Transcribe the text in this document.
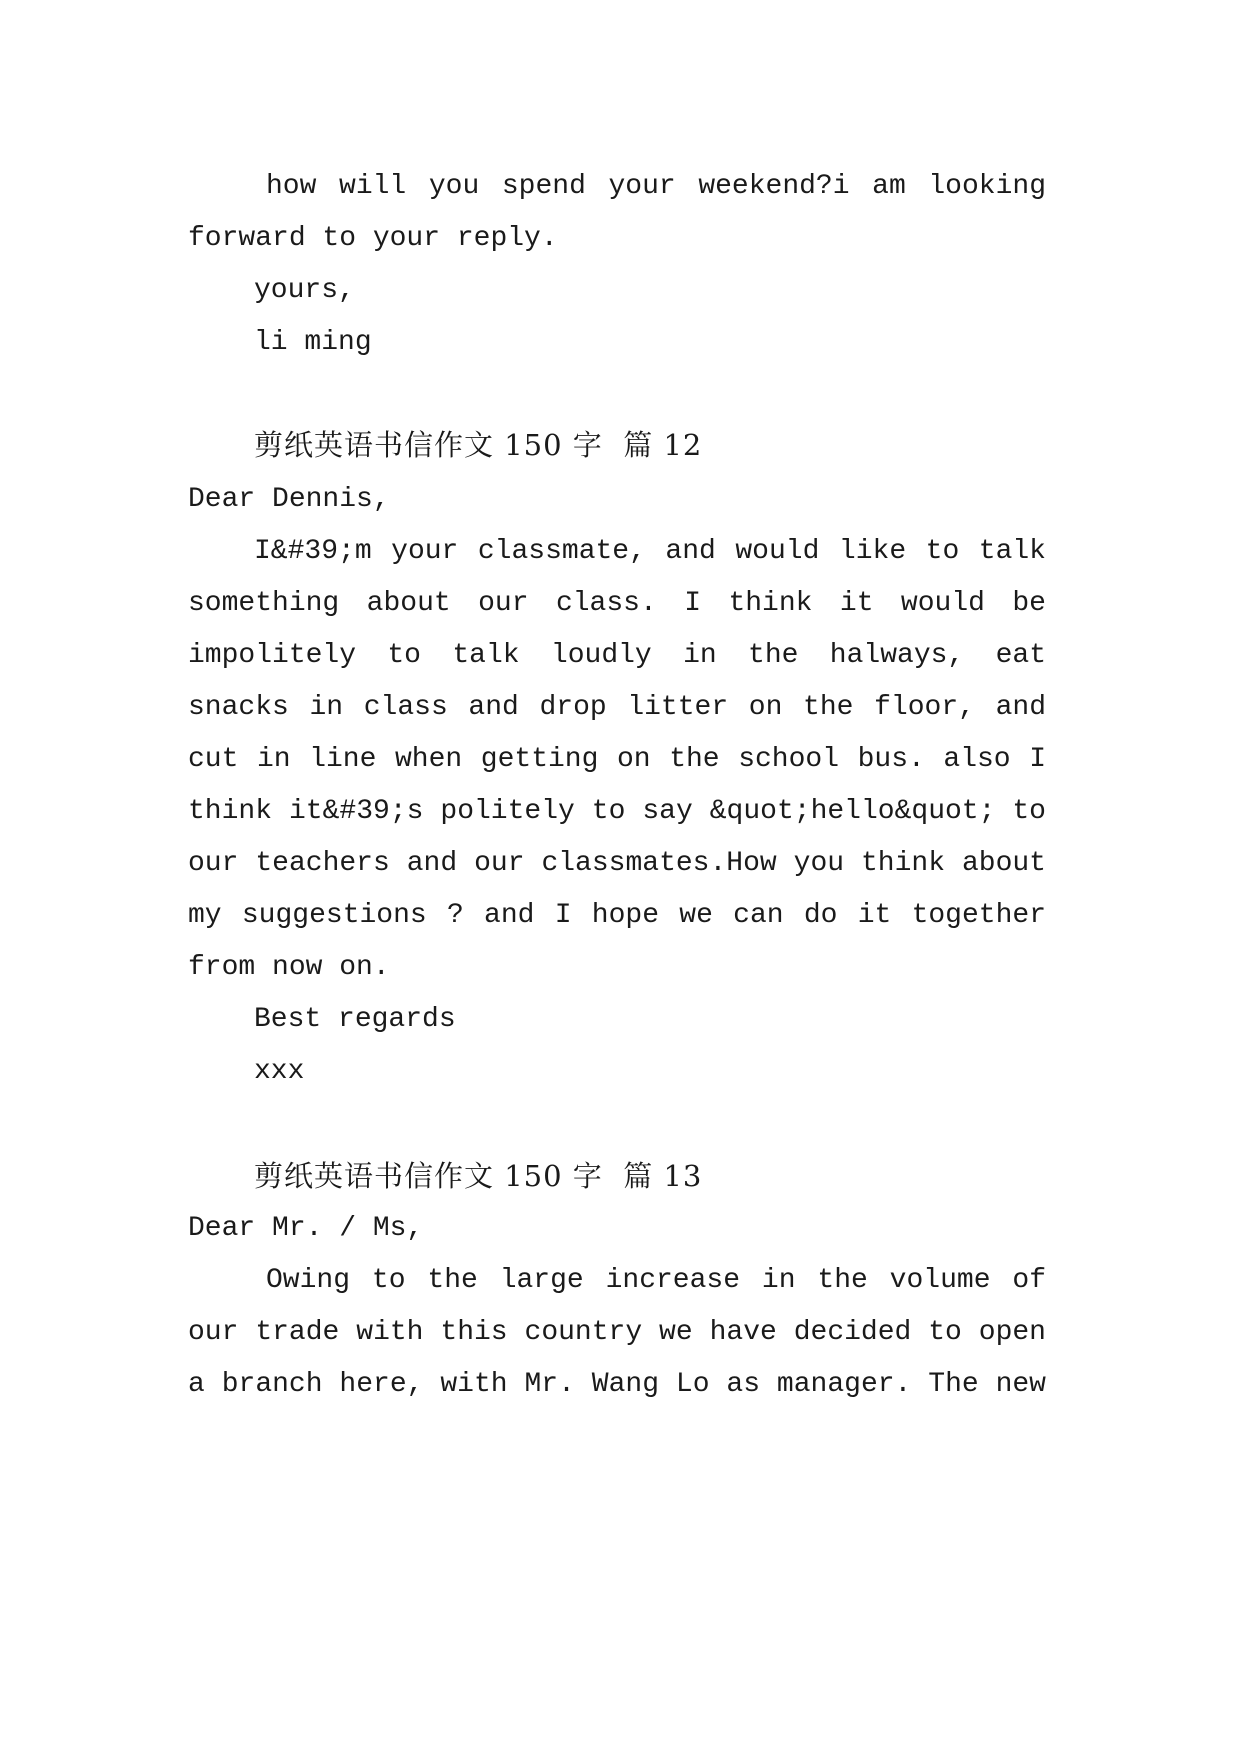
how will you spend your weekend?i am looking
forward to your reply.
yours,
li ming
剪纸英语书信作文 150 字  篇 12
Dear Dennis,
I&#39;m your classmate, and would like to talk
something about our class. I think it would be
impolitely to talk loudly in the halways, eat
snacks in class and drop litter on the floor, and
cut in line when getting on the school bus. also I
think it&#39;s politely to say &quot;hello&quot; to
our teachers and our classmates.How you think about
my suggestions ? and I hope we can do it together
from now on.
Best regards
xxx
剪纸英语书信作文 150 字  篇 13
Dear Mr. / Ms,
Owing to the large increase in the volume of
our trade with this country we have decided to open
a branch here, with Mr. Wang Lo as manager. The new
